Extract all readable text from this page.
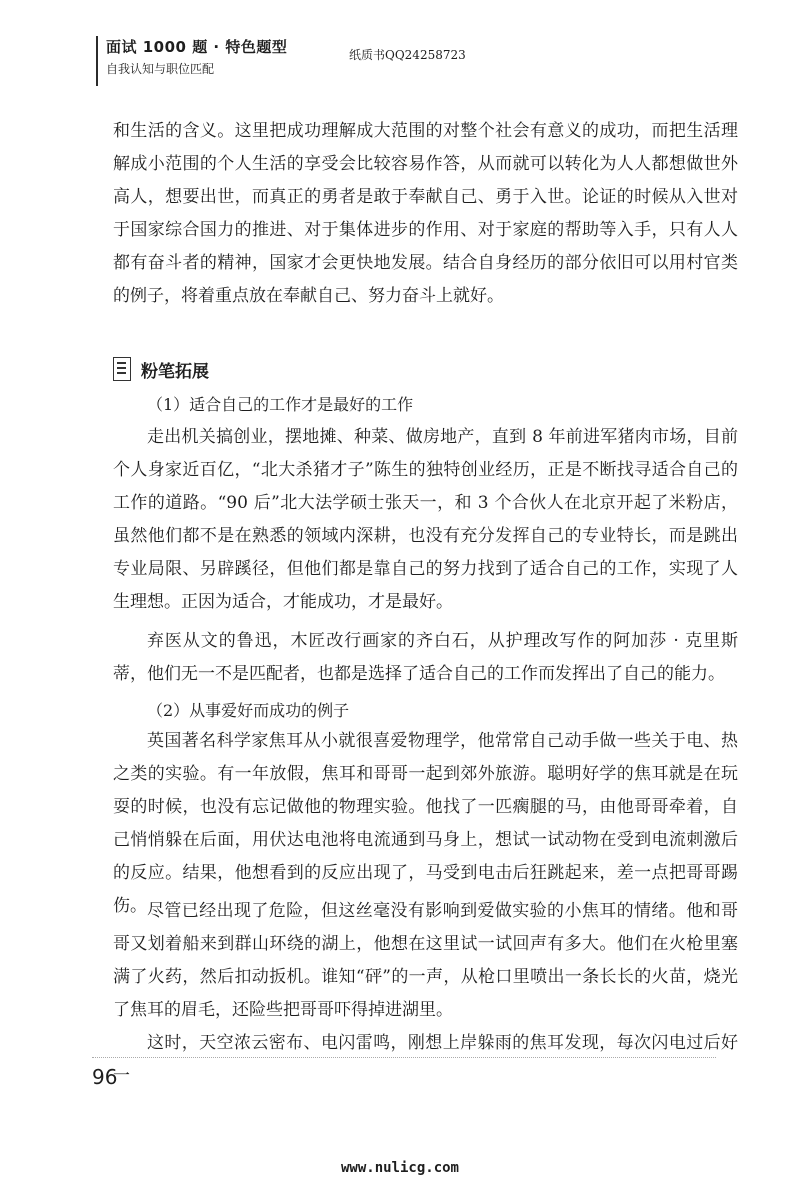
面试 1000 题 · 特色题型
自我认知与职位匹配
纸质书QQ24258723

和生活的含义。这里把成功理解成大范围的对整个社会有意义的成功，而把生活理解成小范围的个人生活的享受会比较容易作答，从而就可以转化为人人都想做世外高人，想要出世，而真正的勇者是敢于奉献自己、勇于入世。论证的时候从入世对于国家综合国力的推进、对于集体进步的作用、对于家庭的帮助等入手，只有人人都有奋斗者的精神，国家才会更快地发展。结合自身经历的部分依旧可以用村官类的例子，将着重点放在奉献自己、努力奋斗上就好。

粉笔拓展

（1）适合自己的工作才是最好的工作

走出机关搞创业，摆地摊、种菜、做房地产，直到 8 年前进军猪肉市场，目前个人身家近百亿，“北大杀猪才子”陈生的独特创业经历，正是不断找寻适合自己的工作的道路。“90 后”北大法学硕士张天一，和 3 个合伙人在北京开起了米粉店，虽然他们都不是在熟悉的领域内深耕，也没有充分发挥自己的专业特长，而是跳出专业局限、另辟蹊径，但他们都是靠自己的努力找到了适合自己的工作，实现了人生理想。正因为适合，才能成功，才是最好。

弃医从文的鲁迅，木匠改行画家的齐白石，从护理改写作的阿加莎 · 克里斯蒂，他们无一不是匹配者，也都是选择了适合自己的工作而发挥出了自己的能力。

（2）从事爱好而成功的例子

英国著名科学家焦耳从小就很喜爱物理学，他常常自己动手做一些关于电、热之类的实验。有一年放假，焦耳和哥哥一起到郊外旅游。聪明好学的焦耳就是在玩耍的时候，也没有忘记做他的物理实验。他找了一匹瘸腿的马，由他哥哥牵着，自己悄悄躲在后面，用伏达电池将电流通到马身上，想试一试动物在受到电流刺激后的反应。结果，他想看到的反应出现了，马受到电击后狂跳起来，差一点把哥哥踢伤。 尽管已经出现了危险，但这丝毫没有影响到爱做实验的小焦耳的情绪。他和哥哥又划着船来到群山环绕的湖上，他想在这里试一试回声有多大。他们在火枪里塞满了火药，然后扣动扳机。谁知“砰”的一声，从枪口里喷出一条长长的火苗，烧光了焦耳的眉毛，还险些把哥哥吓得掉进湖里。

这时，天空浓云密布、电闪雷鸣，刚想上岸躲雨的焦耳发现，每次闪电过后好一

96
www.nulicg.com
